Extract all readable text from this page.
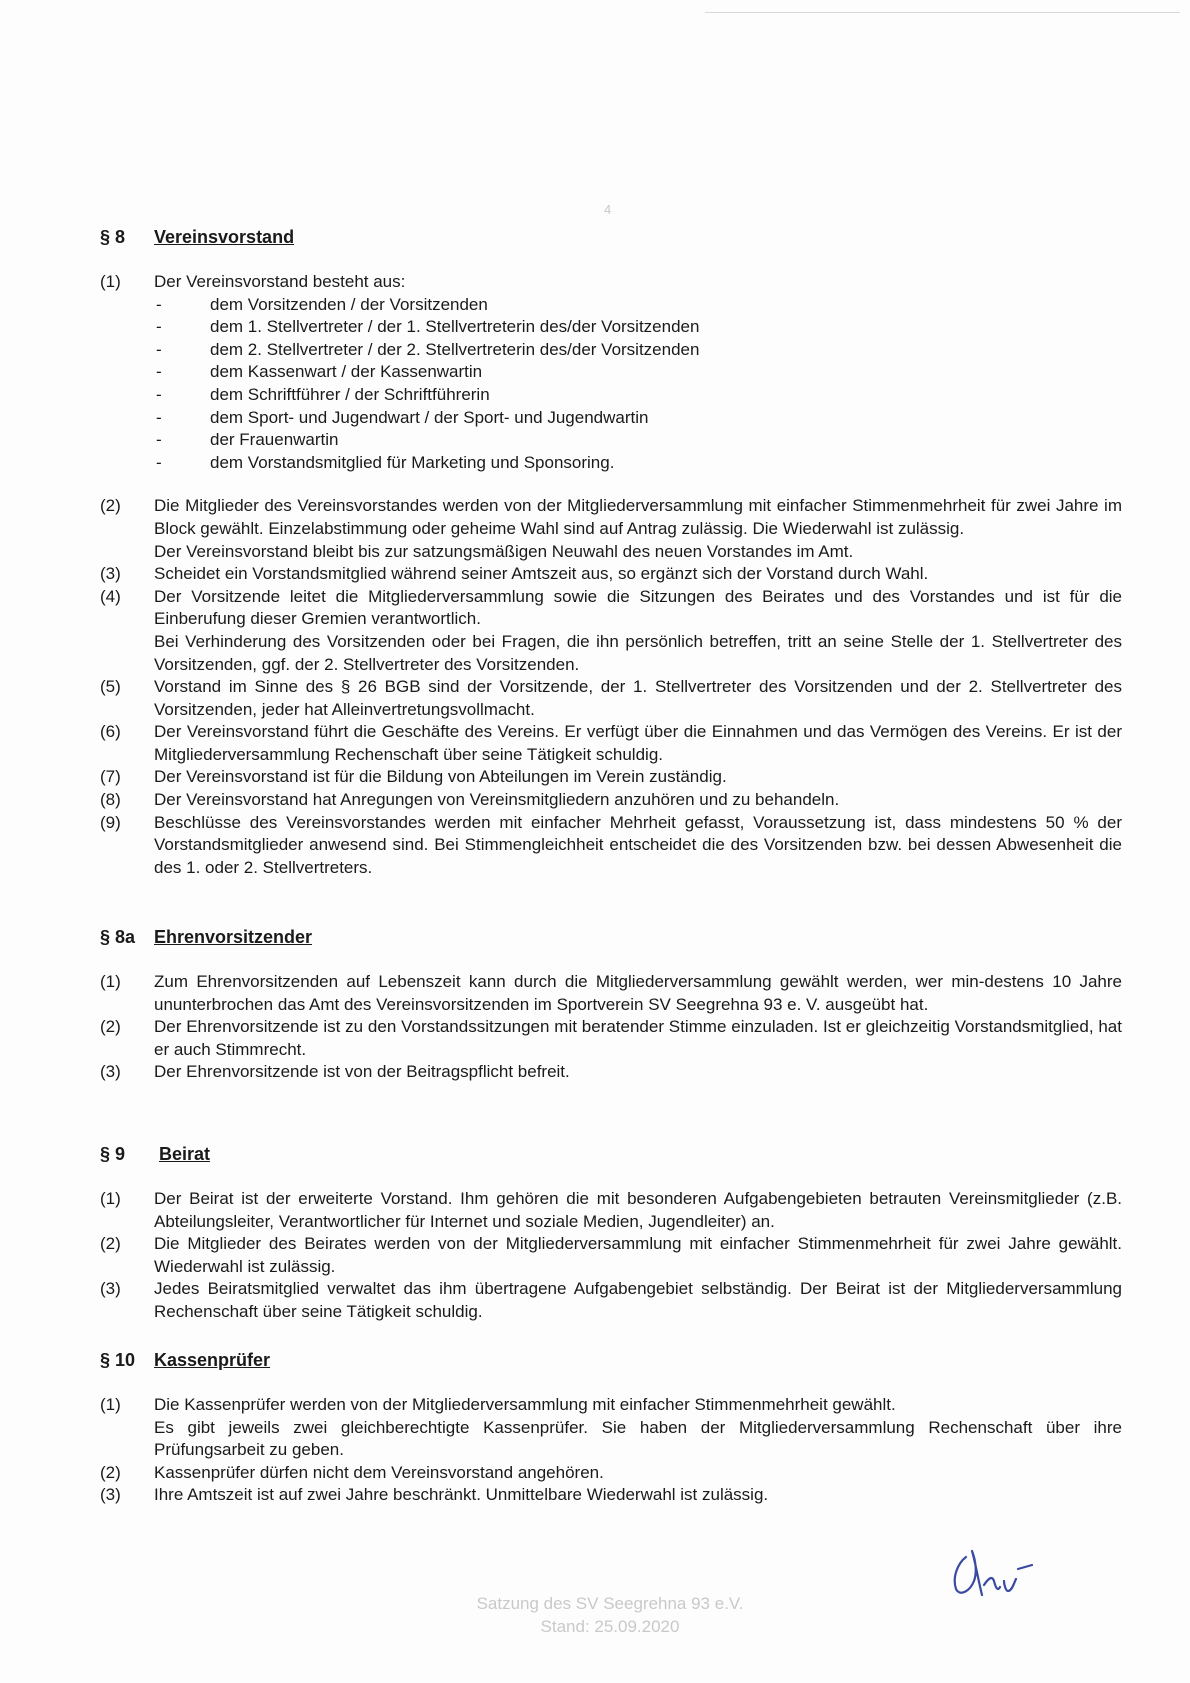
4
§ 8	Vereinsvorstand
(1)	Der Vereinsvorstand besteht aus:

-	dem Vorsitzenden / der Vorsitzenden
-	dem 1. Stellvertreter / der 1. Stellvertreterin des/der Vorsitzenden
-	dem 2. Stellvertreter / der 2. Stellvertreterin des/der Vorsitzenden
-	dem Kassenwart / der Kassenwartin
-	dem Schriftführer / der Schriftführerin
-	dem Sport- und Jugendwart / der Sport- und Jugendwartin
-	der Frauenwartin
-	dem Vorstandsmitglied für Marketing und Sponsoring.
(2)	Die Mitglieder des Vereinsvorstandes werden von der Mitgliederversammlung mit einfacher Stimmenmehrheit für zwei Jahre im Block gewählt. Einzelabstimmung oder geheime Wahl sind auf Antrag zulässig. Die Wiederwahl ist zulässig.

Der Vereinsvorstand bleibt bis zur satzungsmäßigen Neuwahl des neuen Vorstandes im Amt.

(3)	Scheidet ein Vorstandsmitglied während seiner Amtszeit aus, so ergänzt sich der Vorstand durch Wahl.

(4)	Der Vorsitzende leitet die Mitgliederversammlung sowie die Sitzungen des Beirates und des Vorstandes und ist für die Einberufung dieser Gremien verantwortlich.

Bei Verhinderung des Vorsitzenden oder bei Fragen, die ihn persönlich betreffen, tritt an seine Stelle der 1. Stellvertreter des Vorsitzenden, ggf. der 2. Stellvertreter des Vorsitzenden.

(5)	Vorstand im Sinne des § 26 BGB sind der Vorsitzende, der 1. Stellvertreter des Vorsitzenden und der 2. Stellvertreter des Vorsitzenden, jeder hat Alleinvertretungsvollmacht.

(6)	Der Vereinsvorstand führt die Geschäfte des Vereins. Er verfügt über die Einnahmen und das Vermögen des Vereins. Er ist der Mitgliederversammlung Rechenschaft über seine Tätigkeit schuldig.

(7)	Der Vereinsvorstand ist für die Bildung von Abteilungen im Verein zuständig.

(8)	Der Vereinsvorstand hat Anregungen von Vereinsmitgliedern anzuhören und zu behandeln.

(9)	Beschlüsse des Vereinsvorstandes werden mit einfacher Mehrheit gefasst, Voraussetzung ist, dass mindestens 50 % der Vorstandsmitglieder anwesend sind. Bei Stimmengleichheit entscheidet die des Vorsitzenden bzw. bei dessen Abwesenheit die des 1. oder 2. Stellvertreters.

§ 8a	Ehrenvorsitzender
(1)	Zum Ehrenvorsitzenden auf Lebenszeit kann durch die Mitgliederversammlung gewählt werden, wer min-destens 10 Jahre ununterbrochen das Amt des Vereinsvorsitzenden im Sportverein SV Seegrehna 93 e. V. ausgeübt hat.

(2)	Der Ehrenvorsitzende ist zu den Vorstandssitzungen mit beratender Stimme einzuladen. Ist er gleichzeitig Vorstandsmitglied, hat er auch Stimmrecht.

(3)	Der Ehrenvorsitzende ist von der Beitragspflicht befreit.

§ 9	Beirat
(1)	Der Beirat ist der erweiterte Vorstand. Ihm gehören die mit besonderen Aufgabengebieten betrauten Vereinsmitglieder (z.B. Abteilungsleiter, Verantwortlicher für Internet und soziale Medien, Jugendleiter) an.

(2)	Die Mitglieder des Beirates werden von der Mitgliederversammlung mit einfacher Stimmenmehrheit für zwei Jahre gewählt. Wiederwahl ist zulässig.

(3)	Jedes Beiratsmitglied verwaltet das ihm übertragene Aufgabengebiet selbständig. Der Beirat ist der Mitgliederversammlung Rechenschaft über seine Tätigkeit schuldig.

§ 10	Kassenprüfer
(1)	Die Kassenprüfer werden von der Mitgliederversammlung mit einfacher Stimmenmehrheit gewählt.

Es gibt jeweils zwei gleichberechtigte Kassenprüfer. Sie haben der Mitgliederversammlung Rechenschaft über ihre Prüfungsarbeit zu geben.

(2)	Kassenprüfer dürfen nicht dem Vereinsvorstand angehören.

(3)	Ihre Amtszeit ist auf zwei Jahre beschränkt. Unmittelbare Wiederwahl ist zulässig.

Satzung des SV Seegrehna 93 e.V.
Stand: 25.09.2020
